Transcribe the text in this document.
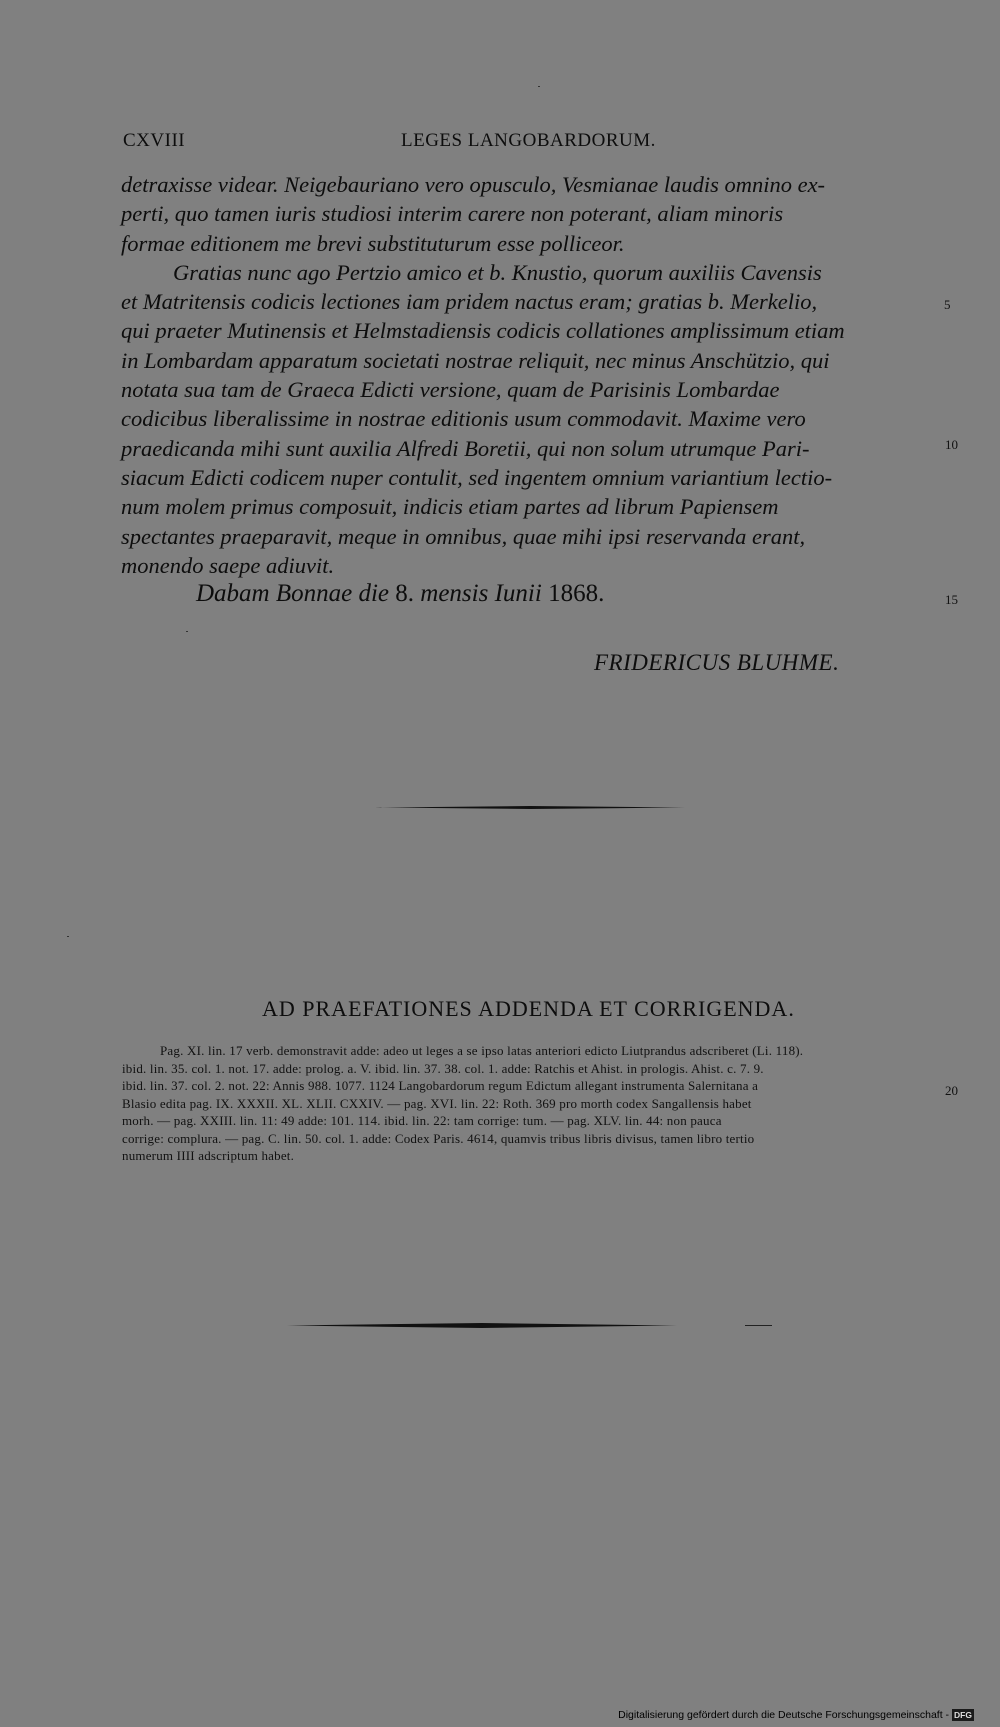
CXVIII	LEGES LANGOBARDORUM.
detraxisse videar. Neigebauriano vero opusculo, Vesmianae laudis omnino ex-
perti, quo tamen iuris studiosi interim carere non poterant, aliam minoris
formae editionem me brevi substituturum esse polliceor.
Gratias nunc ago Pertzio amico et b. Knustio, quorum auxiliis Cavensis
et Matritensis codicis lectiones iam pridem nactus eram; gratias b. Merkelio,
qui praeter Mutinensis et Helmstadiensis codicis collationes amplissimum etiam
in Lombardam apparatum societati nostrae reliquit, nec minus Anschützio, qui
notata sua tam de Graeca Edicti versione, quam de Parisinis Lombardae
codicibus liberalissime in nostrae editionis usum commodavit. Maxime vero
praedicanda mihi sunt auxilia Alfredi Boretii, qui non solum utrumque Pari-
siacum Edicti codicem nuper contulit, sed ingentem omnium variantium lectio-
num molem primus composuit, indicis etiam partes ad librum Papiensem
spectantes praeparavit, meque in omnibus, quae mihi ipsi reservanda erant,
monendo saepe adiuvit.
5
10
15
Dabam Bonnae die 8. mensis Iunii 1868.
FRIDERICUS BLUHME.
AD PRAEFATIONES ADDENDA ET CORRIGENDA.
Pag. XI. lin. 17 verb. demonstravit adde: adeo ut leges a se ipso latas anteriori edicto Liutprandus adscriberet (Li. 118).
ibid. lin. 35. col. 1. not. 17. adde: prolog. a. V. ibid. lin. 37. 38. col. 1. adde: Ratchis et Ahist. in prologis. Ahist. c. 7. 9.
ibid. lin. 37. col. 2. not. 22: Annis 988. 1077. 1124 Langobardorum regum Edictum allegant instrumenta Salernitana a
Blasio edita pag. IX. XXXII. XL. XLII. CXXIV. — pag. XVI. lin. 22: Roth. 369 pro morth codex Sangallensis habet
morh. — pag. XXIII. lin. 11: 49 adde: 101. 114. ibid. lin. 22: tam corrige: tum. — pag. XLV. lin. 44: non pauca
corrige: complura. — pag. C. lin. 50. col. 1. adde: Codex Paris. 4614, quamvis tribus libris divisus, tamen libro tertio
numerum IIII adscriptum habet.
20
Digitalisierung gefördert durch die Deutsche Forschungsgemeinschaft - DFG
